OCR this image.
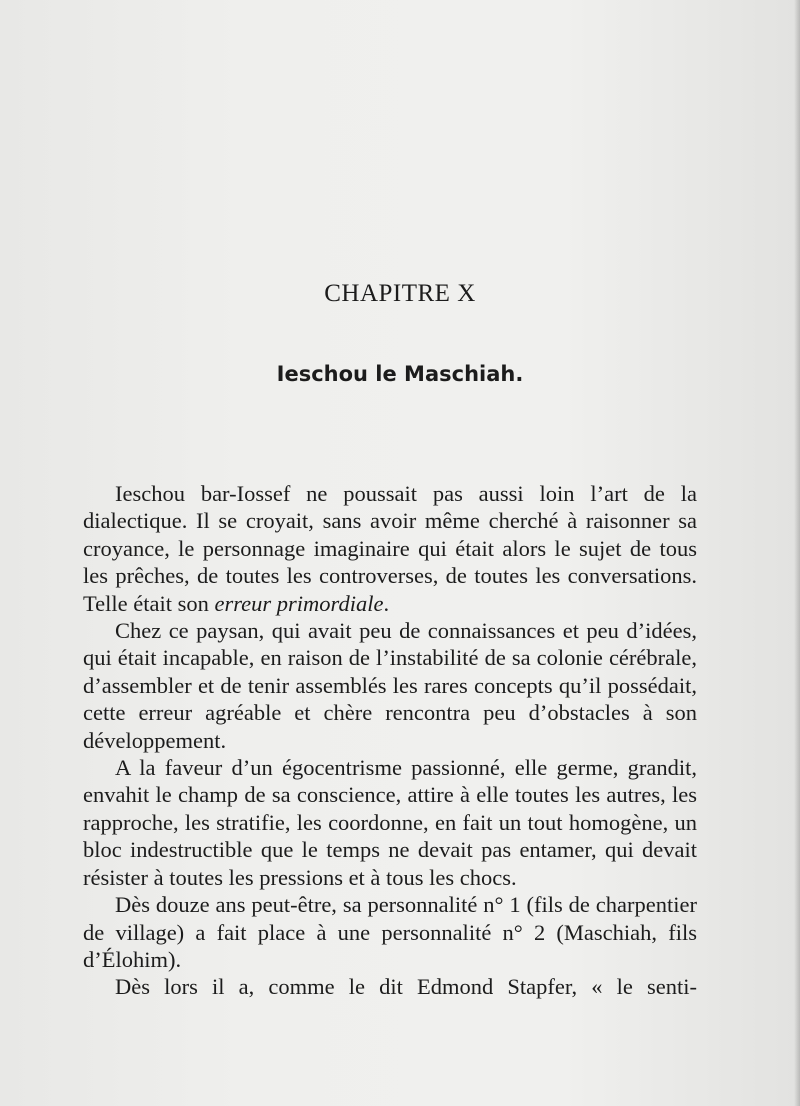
CHAPITRE X
Ieschou le Maschiah.

Ieschou bar-Iossef ne poussait pas aussi loin l’art de la dialectique. Il se croyait, sans avoir même cherché à raisonner sa croyance, le personnage imaginaire qui était alors le sujet de tous les prêches, de toutes les controverses, de toutes les conversations. Telle était son erreur primordiale.

Chez ce paysan, qui avait peu de connaissances et peu d’idées, qui était incapable, en raison de l’instabilité de sa colonie cérébrale, d’assembler et de tenir assemblés les rares concepts qu’il possédait, cette erreur agréable et chère rencontra peu d’obstacles à son développement.

A la faveur d’un égocentrisme passionné, elle germe, grandit, envahit le champ de sa conscience, attire à elle toutes les autres, les rapproche, les stratifie, les coordonne, en fait un tout homogène, un bloc indestructible que le temps ne devait pas entamer, qui devait résister à toutes les pressions et à tous les chocs.

Dès douze ans peut-être, sa personnalité n° 1 (fils de charpentier de village) a fait place à une personnalité n° 2 (Maschiah, fils d’Élohim).

Dès lors il a, comme le dit Edmond Stapfer, « le senti-
